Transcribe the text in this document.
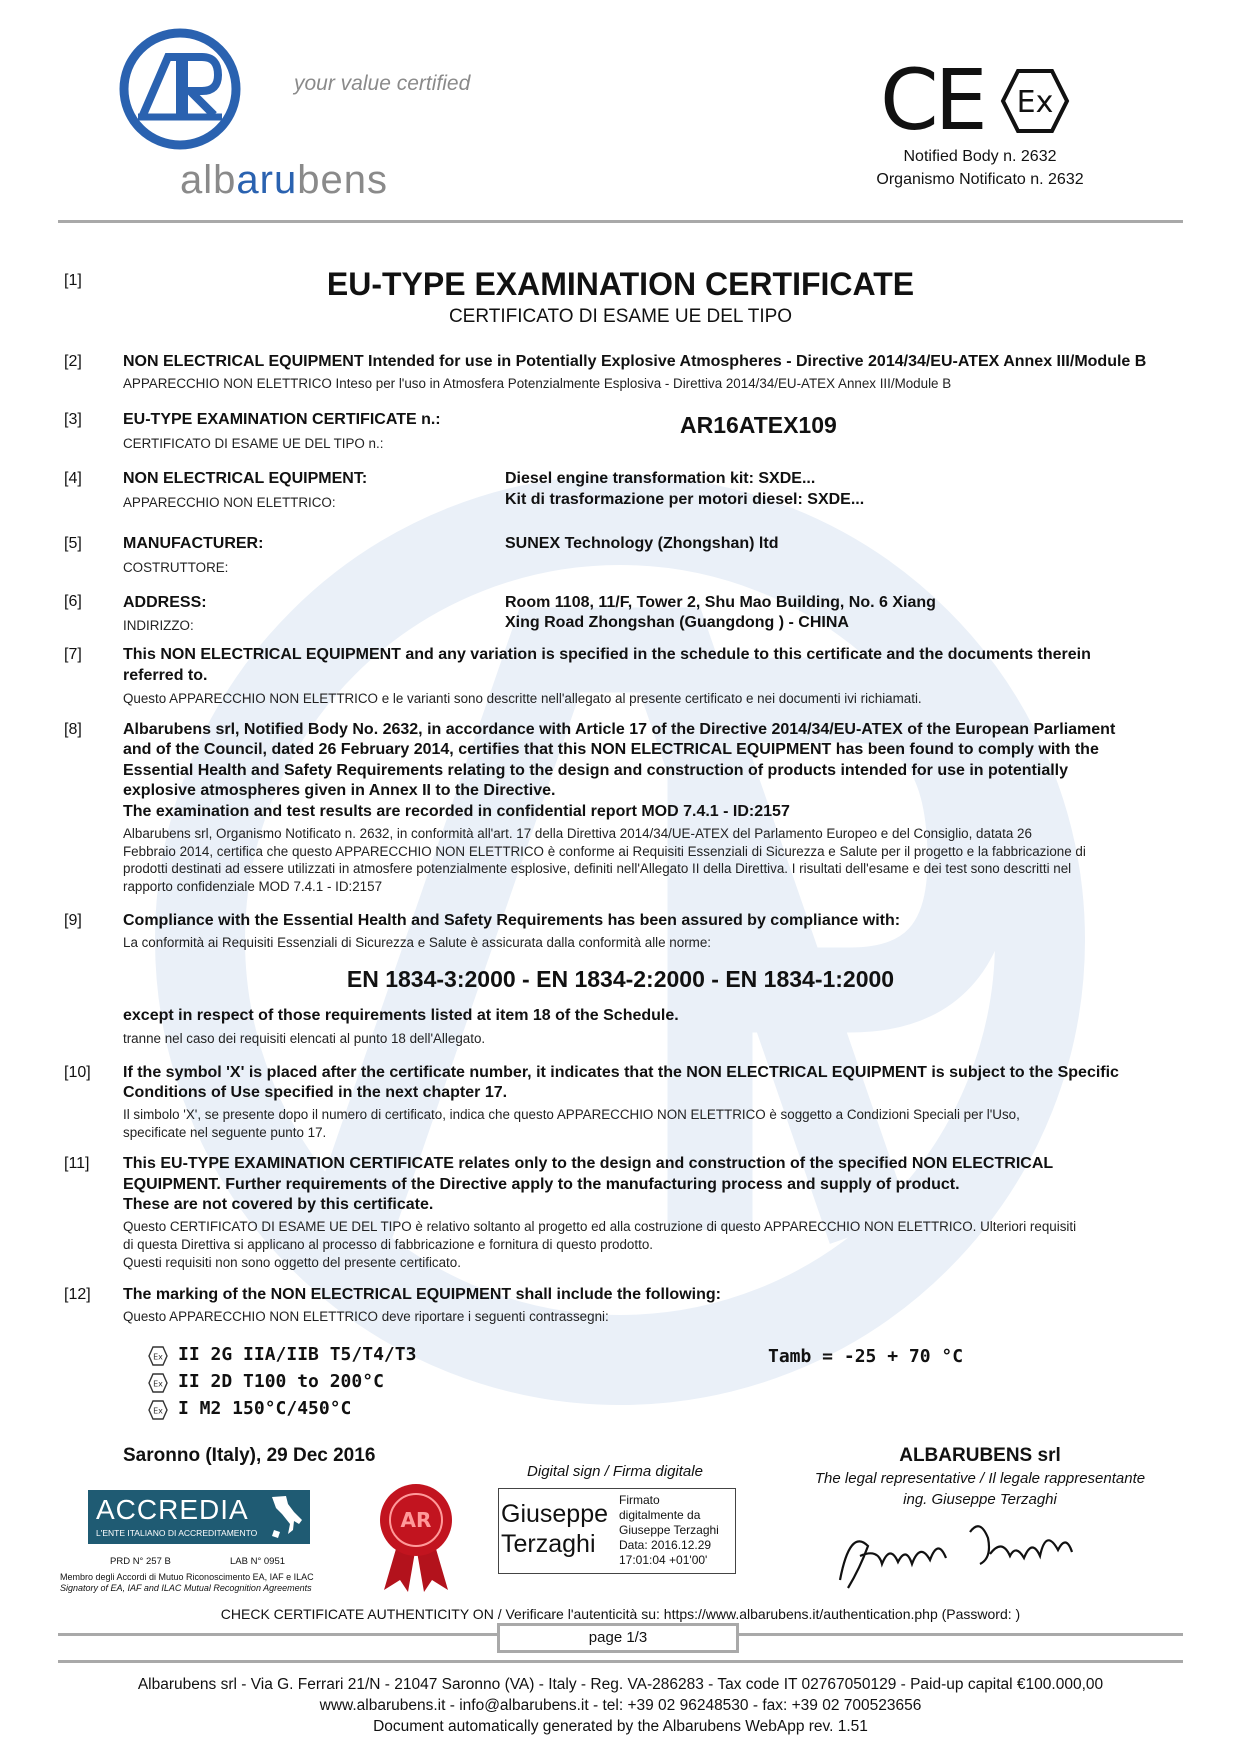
your value certified
albarubens
CE Ex
Notified Body n. 2632
Organismo Notificato n. 2632
[1]	EU-TYPE EXAMINATION CERTIFICATE
CERTIFICATO DI ESAME UE DEL TIPO
[2]	NON ELECTRICAL EQUIPMENT Intended for use in Potentially Explosive Atmospheres - Directive 2014/34/EU-ATEX Annex III/Module B
APPARECCHIO NON ELETTRICO Inteso per l'uso in Atmosfera Potenzialmente Esplosiva - Direttiva 2014/34/EU-ATEX Annex III/Module B
[3]	EU-TYPE EXAMINATION CERTIFICATE n.:
CERTIFICATO DI ESAME UE DEL TIPO n.:
AR16ATEX109
[4]	NON ELECTRICAL EQUIPMENT:
APPARECCHIO NON ELETTRICO:
Diesel engine transformation kit: SXDE...
Kit di trasformazione per motori diesel: SXDE...
[5]	MANUFACTURER:
COSTRUTTORE:
SUNEX Technology (Zhongshan) ltd
[6]	ADDRESS:
INDIRIZZO:
Room 1108, 11/F, Tower 2, Shu Mao Building, No. 6 Xiang
Xing Road Zhongshan (Guangdong ) - CHINA
[7]	This NON ELECTRICAL EQUIPMENT and any variation is specified in the schedule to this certificate and the documents therein
referred to.
Questo APPARECCHIO NON ELETTRICO e le varianti sono descritte nell'allegato al presente certificato e nei documenti ivi richiamati.
[8]	Albarubens srl, Notified Body No. 2632, in accordance with Article 17 of the Directive 2014/34/EU-ATEX of the European Parliament
and of the Council, dated 26 February 2014, certifies that this NON ELECTRICAL EQUIPMENT has been found to comply with the
Essential Health and Safety Requirements relating to the design and construction of products intended for use in potentially
explosive atmospheres given in Annex II to the Directive.
The examination and test results are recorded in confidential report MOD 7.4.1 - ID:2157
Albarubens srl, Organismo Notificato n. 2632, in conformità all'art. 17 della Direttiva 2014/34/UE-ATEX del Parlamento Europeo e del Consiglio, datata 26
Febbraio 2014, certifica che questo APPARECCHIO NON ELETTRICO è conforme ai Requisiti Essenziali di Sicurezza e Salute per il progetto e la fabbricazione di
prodotti destinati ad essere utilizzati in atmosfere potenzialmente esplosive, definiti nell'Allegato II della Direttiva. I risultati dell'esame e dei test sono descritti nel
rapporto confidenziale MOD 7.4.1 - ID:2157
[9]	Compliance with the Essential Health and Safety Requirements has been assured by compliance with:
La conformità ai Requisiti Essenziali di Sicurezza e Salute è assicurata dalla conformità alle norme:
EN 1834-3:2000 - EN 1834-2:2000 - EN 1834-1:2000
except in respect of those requirements listed at item 18 of the Schedule.
tranne nel caso dei requisiti elencati al punto 18 dell'Allegato.
[10] If the symbol 'X' is placed after the certificate number, it indicates that the NON ELECTRICAL EQUIPMENT is subject to the Specific
Conditions of Use specified in the next chapter 17.
Il simbolo 'X', se presente dopo il numero di certificato, indica che questo APPARECCHIO NON ELETTRICO è soggetto a Condizioni Speciali per l'Uso,
specificate nel seguente punto 17.
[11] This EU-TYPE EXAMINATION CERTIFICATE relates only to the design and construction of the specified NON ELECTRICAL
EQUIPMENT. Further requirements of the Directive apply to the manufacturing process and supply of product.
These are not covered by this certificate.
Questo CERTIFICATO DI ESAME UE DEL TIPO è relativo soltanto al progetto ed alla costruzione di questo APPARECCHIO NON ELETTRICO. Ulteriori requisiti
di questa Direttiva si applicano al processo di fabbricazione e fornitura di questo prodotto.
Questi requisiti non sono oggetto del presente certificato.
[12] The marking of the NON ELECTRICAL EQUIPMENT shall include the following:
Questo APPARECCHIO NON ELETTRICO deve riportare i seguenti contrassegni:
Ex II 2G IIA/IIB T5/T4/T3
Ex II 2D T100 to 200°C
Ex I M2 150°C/450°C
Tamb = -25 + 70 °C
Saronno (Italy), 29 Dec 2016
Digital sign / Firma digitale
ALBARUBENS srl
The legal representative / Il legale rappresentante
ing. Giuseppe Terzaghi
ACCREDIA
L'ENTE ITALIANO DI ACCREDITAMENTO
PRD N° 257 B	LAB N° 0951
Membro degli Accordi di Mutuo Riconoscimento EA, IAF e ILAC
Signatory of EA, IAF and ILAC Mutual Recognition Agreements
AR	Giuseppe
Terzaghi
Firmato
digitalmente da
Giuseppe Terzaghi
Data: 2016.12.29
17:01:04 +01'00'
CHECK CERTIFICATE AUTHENTICITY ON / Verificare l'autenticità su: https://www.albarubens.it/authentication.php (Password: )
page 1/3
Albarubens srl - Via G. Ferrari 21/N - 21047 Saronno (VA) - Italy - Reg. VA-286283 - Tax code IT 02767050129 - Paid-up capital €100.000,00
www.albarubens.it - info@albarubens.it - tel: +39 02 96248530 - fax: +39 02 700523656
Document automatically generated by the Albarubens WebApp rev. 1.51
